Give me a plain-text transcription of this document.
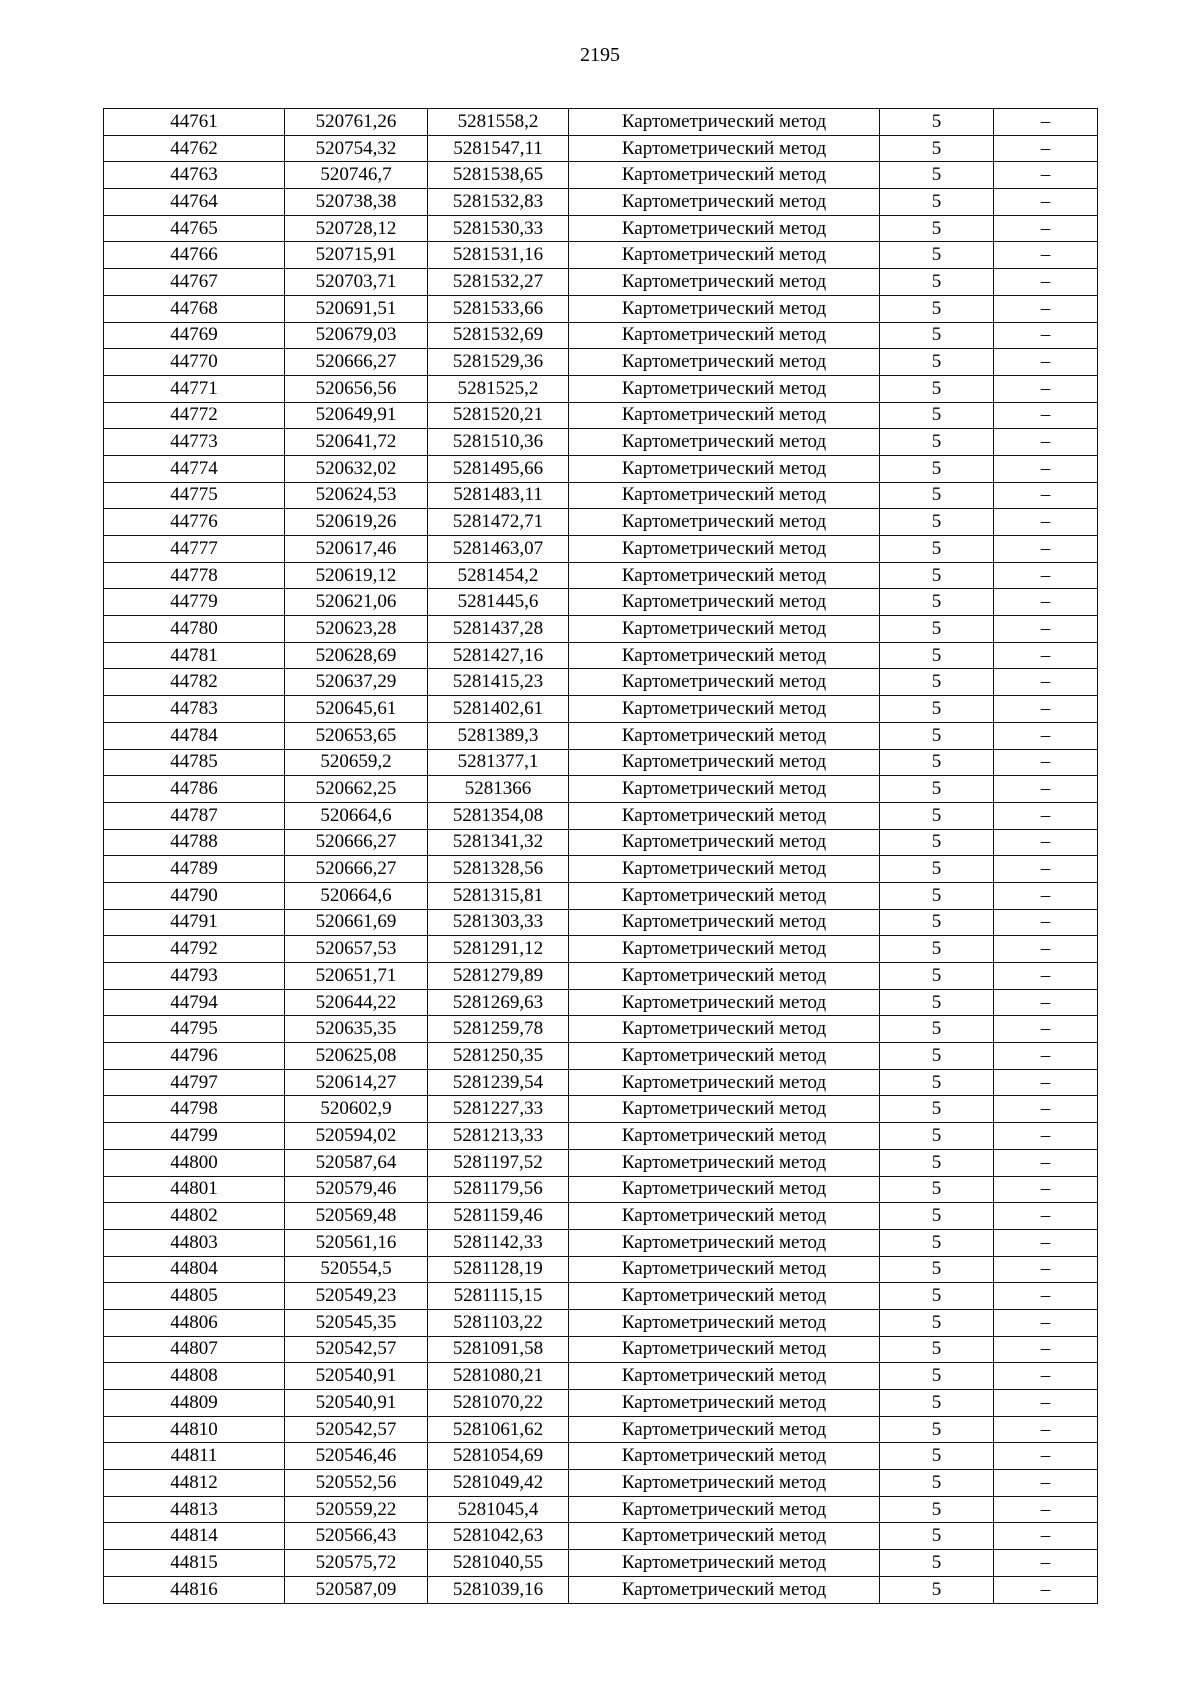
2195
44761	520761,26	5281558,2	Картометрический метод	5	–
44762	520754,32	5281547,11	Картометрический метод	5	–
44763	520746,7	5281538,65	Картометрический метод	5	–
44764	520738,38	5281532,83	Картометрический метод	5	–
44765	520728,12	5281530,33	Картометрический метод	5	–
44766	520715,91	5281531,16	Картометрический метод	5	–
44767	520703,71	5281532,27	Картометрический метод	5	–
44768	520691,51	5281533,66	Картометрический метод	5	–
44769	520679,03	5281532,69	Картометрический метод	5	–
44770	520666,27	5281529,36	Картометрический метод	5	–
44771	520656,56	5281525,2	Картометрический метод	5	–
44772	520649,91	5281520,21	Картометрический метод	5	–
44773	520641,72	5281510,36	Картометрический метод	5	–
44774	520632,02	5281495,66	Картометрический метод	5	–
44775	520624,53	5281483,11	Картометрический метод	5	–
44776	520619,26	5281472,71	Картометрический метод	5	–
44777	520617,46	5281463,07	Картометрический метод	5	–
44778	520619,12	5281454,2	Картометрический метод	5	–
44779	520621,06	5281445,6	Картометрический метод	5	–
44780	520623,28	5281437,28	Картометрический метод	5	–
44781	520628,69	5281427,16	Картометрический метод	5	–
44782	520637,29	5281415,23	Картометрический метод	5	–
44783	520645,61	5281402,61	Картометрический метод	5	–
44784	520653,65	5281389,3	Картометрический метод	5	–
44785	520659,2	5281377,1	Картометрический метод	5	–
44786	520662,25	5281366	Картометрический метод	5	–
44787	520664,6	5281354,08	Картометрический метод	5	–
44788	520666,27	5281341,32	Картометрический метод	5	–
44789	520666,27	5281328,56	Картометрический метод	5	–
44790	520664,6	5281315,81	Картометрический метод	5	–
44791	520661,69	5281303,33	Картометрический метод	5	–
44792	520657,53	5281291,12	Картометрический метод	5	–
44793	520651,71	5281279,89	Картометрический метод	5	–
44794	520644,22	5281269,63	Картометрический метод	5	–
44795	520635,35	5281259,78	Картометрический метод	5	–
44796	520625,08	5281250,35	Картометрический метод	5	–
44797	520614,27	5281239,54	Картометрический метод	5	–
44798	520602,9	5281227,33	Картометрический метод	5	–
44799	520594,02	5281213,33	Картометрический метод	5	–
44800	520587,64	5281197,52	Картометрический метод	5	–
44801	520579,46	5281179,56	Картометрический метод	5	–
44802	520569,48	5281159,46	Картометрический метод	5	–
44803	520561,16	5281142,33	Картометрический метод	5	–
44804	520554,5	5281128,19	Картометрический метод	5	–
44805	520549,23	5281115,15	Картометрический метод	5	–
44806	520545,35	5281103,22	Картометрический метод	5	–
44807	520542,57	5281091,58	Картометрический метод	5	–
44808	520540,91	5281080,21	Картометрический метод	5	–
44809	520540,91	5281070,22	Картометрический метод	5	–
44810	520542,57	5281061,62	Картометрический метод	5	–
44811	520546,46	5281054,69	Картометрический метод	5	–
44812	520552,56	5281049,42	Картометрический метод	5	–
44813	520559,22	5281045,4	Картометрический метод	5	–
44814	520566,43	5281042,63	Картометрический метод	5	–
44815	520575,72	5281040,55	Картометрический метод	5	–
44816	520587,09	5281039,16	Картометрический метод	5	–
